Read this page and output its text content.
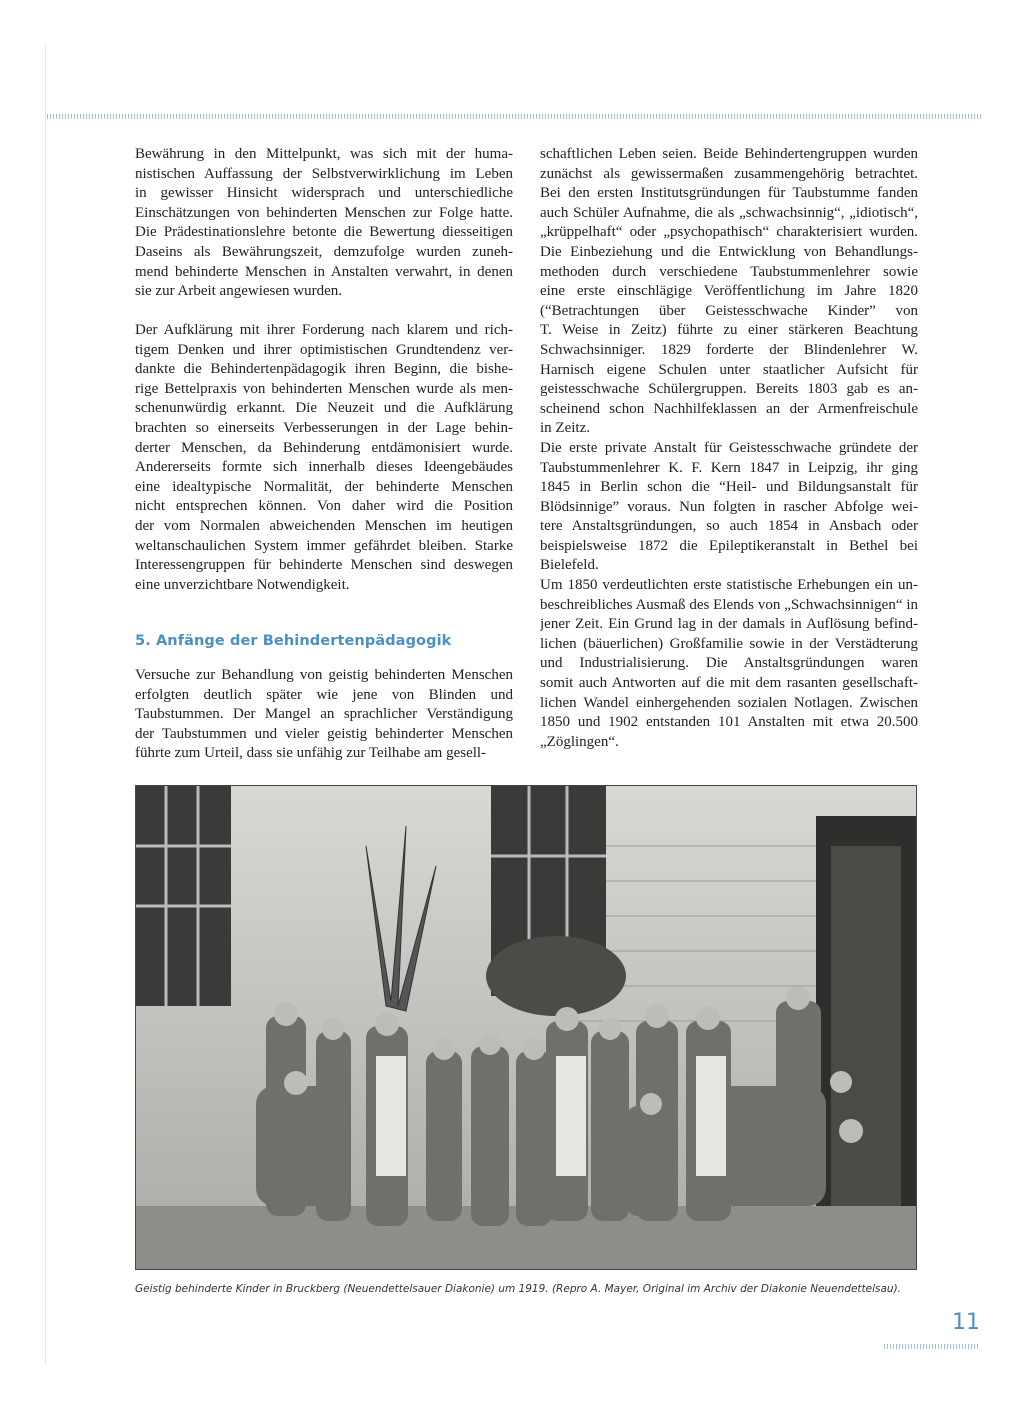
Bewährung in den Mittelpunkt, was sich mit der huma-
nistischen Auffassung der Selbstverwirklichung im Leben
in gewisser Hinsicht widersprach und unterschiedliche
Einschätzungen von behinderten Menschen zur Folge hatte.
Die Prädestinationslehre betonte die Bewertung diesseitigen
Daseins als Bewährungszeit, demzufolge wurden zuneh-
mend behinderte Menschen in Anstalten verwahrt, in denen
sie zur Arbeit angewiesen wurden.
Der Aufklärung mit ihrer Forderung nach klarem und rich-
tigem Denken und ihrer optimistischen Grundtendenz ver-
dankte die Behindertenpädagogik ihren Beginn, die bishe-
rige Bettelpraxis von behinderten Menschen wurde als men-
schenunwürdig erkannt. Die Neuzeit und die Aufklärung
brachten so einerseits Verbesserungen in der Lage behin-
derter Menschen, da Behinderung entdämonisiert wurde.
Andererseits formte sich innerhalb dieses Ideengebäudes
eine idealtypische Normalität, der behinderte Menschen
nicht entsprechen können. Von daher wird die Position
der vom Normalen abweichenden Menschen im heutigen
weltanschaulichen System immer gefährdet bleiben. Starke
Interessengruppen für behinderte Menschen sind deswegen
eine unverzichtbare Notwendigkeit.
5. Anfänge der Behindertenpädagogik
Versuche zur Behandlung von geistig behinderten Menschen
erfolgten deutlich später wie jene von Blinden und
Taubstummen. Der Mangel an sprachlicher Verständigung
der Taubstummen und vieler geistig behinderter Menschen
führte zum Urteil, dass sie unfähig zur Teilhabe am gesell-
schaftlichen Leben seien. Beide Behindertengruppen wurden
zunächst als gewissermaßen zusammengehörig betrachtet.
Bei den ersten Institutsgründungen für Taubstumme fanden
auch Schüler Aufnahme, die als „schwachsinnig“, „idiotisch“,
„krüppelhaft“ oder „psychopathisch“ charakterisiert wurden.
Die Einbeziehung und die Entwicklung von Behandlungs-
methoden durch verschiedene Taubstummenlehrer sowie
eine erste einschlägige Veröffentlichung im Jahre 1820
(“Betrachtungen über Geistesschwache Kinder” von
T. Weise in Zeitz) führte zu einer stärkeren Beachtung
Schwachsinniger. 1829 forderte der Blindenlehrer W.
Harnisch eigene Schulen unter staatlicher Aufsicht für
geistesschwache Schülergruppen. Bereits 1803 gab es an-
scheinend schon Nachhilfeklassen an der Armenfreischule
in Zeitz.
Die erste private Anstalt für Geistesschwache gründete der
Taubstummenlehrer K. F. Kern 1847 in Leipzig, ihr ging
1845 in Berlin schon die “Heil- und Bildungsanstalt für
Blödsinnige” voraus. Nun folgten in rascher Abfolge wei-
tere Anstaltsgründungen, so auch 1854 in Ansbach oder
beispielsweise 1872 die Epileptikeranstalt in Bethel bei
Bielefeld.
Um 1850 verdeutlichten erste statistische Erhebungen ein un-
beschreibliches Ausmaß des Elends von „Schwachsinnigen“ in
jener Zeit. Ein Grund lag in der damals in Auflösung befind-
lichen (bäuerlichen) Großfamilie sowie in der Verstädterung
und Industrialisierung. Die Anstaltsgründungen waren
somit auch Antworten auf die mit dem rasanten gesellschaft-
lichen Wandel einhergehenden sozialen Notlagen. Zwischen
1850 und 1902 entstanden 101 Anstalten mit etwa 20.500
„Zöglingen“.
Geistig behinderte Kinder in Bruckberg (Neuendettelsauer Diakonie) um 1919. (Repro A. Mayer, Original im Archiv der Diakonie Neuendettelsau).
11
